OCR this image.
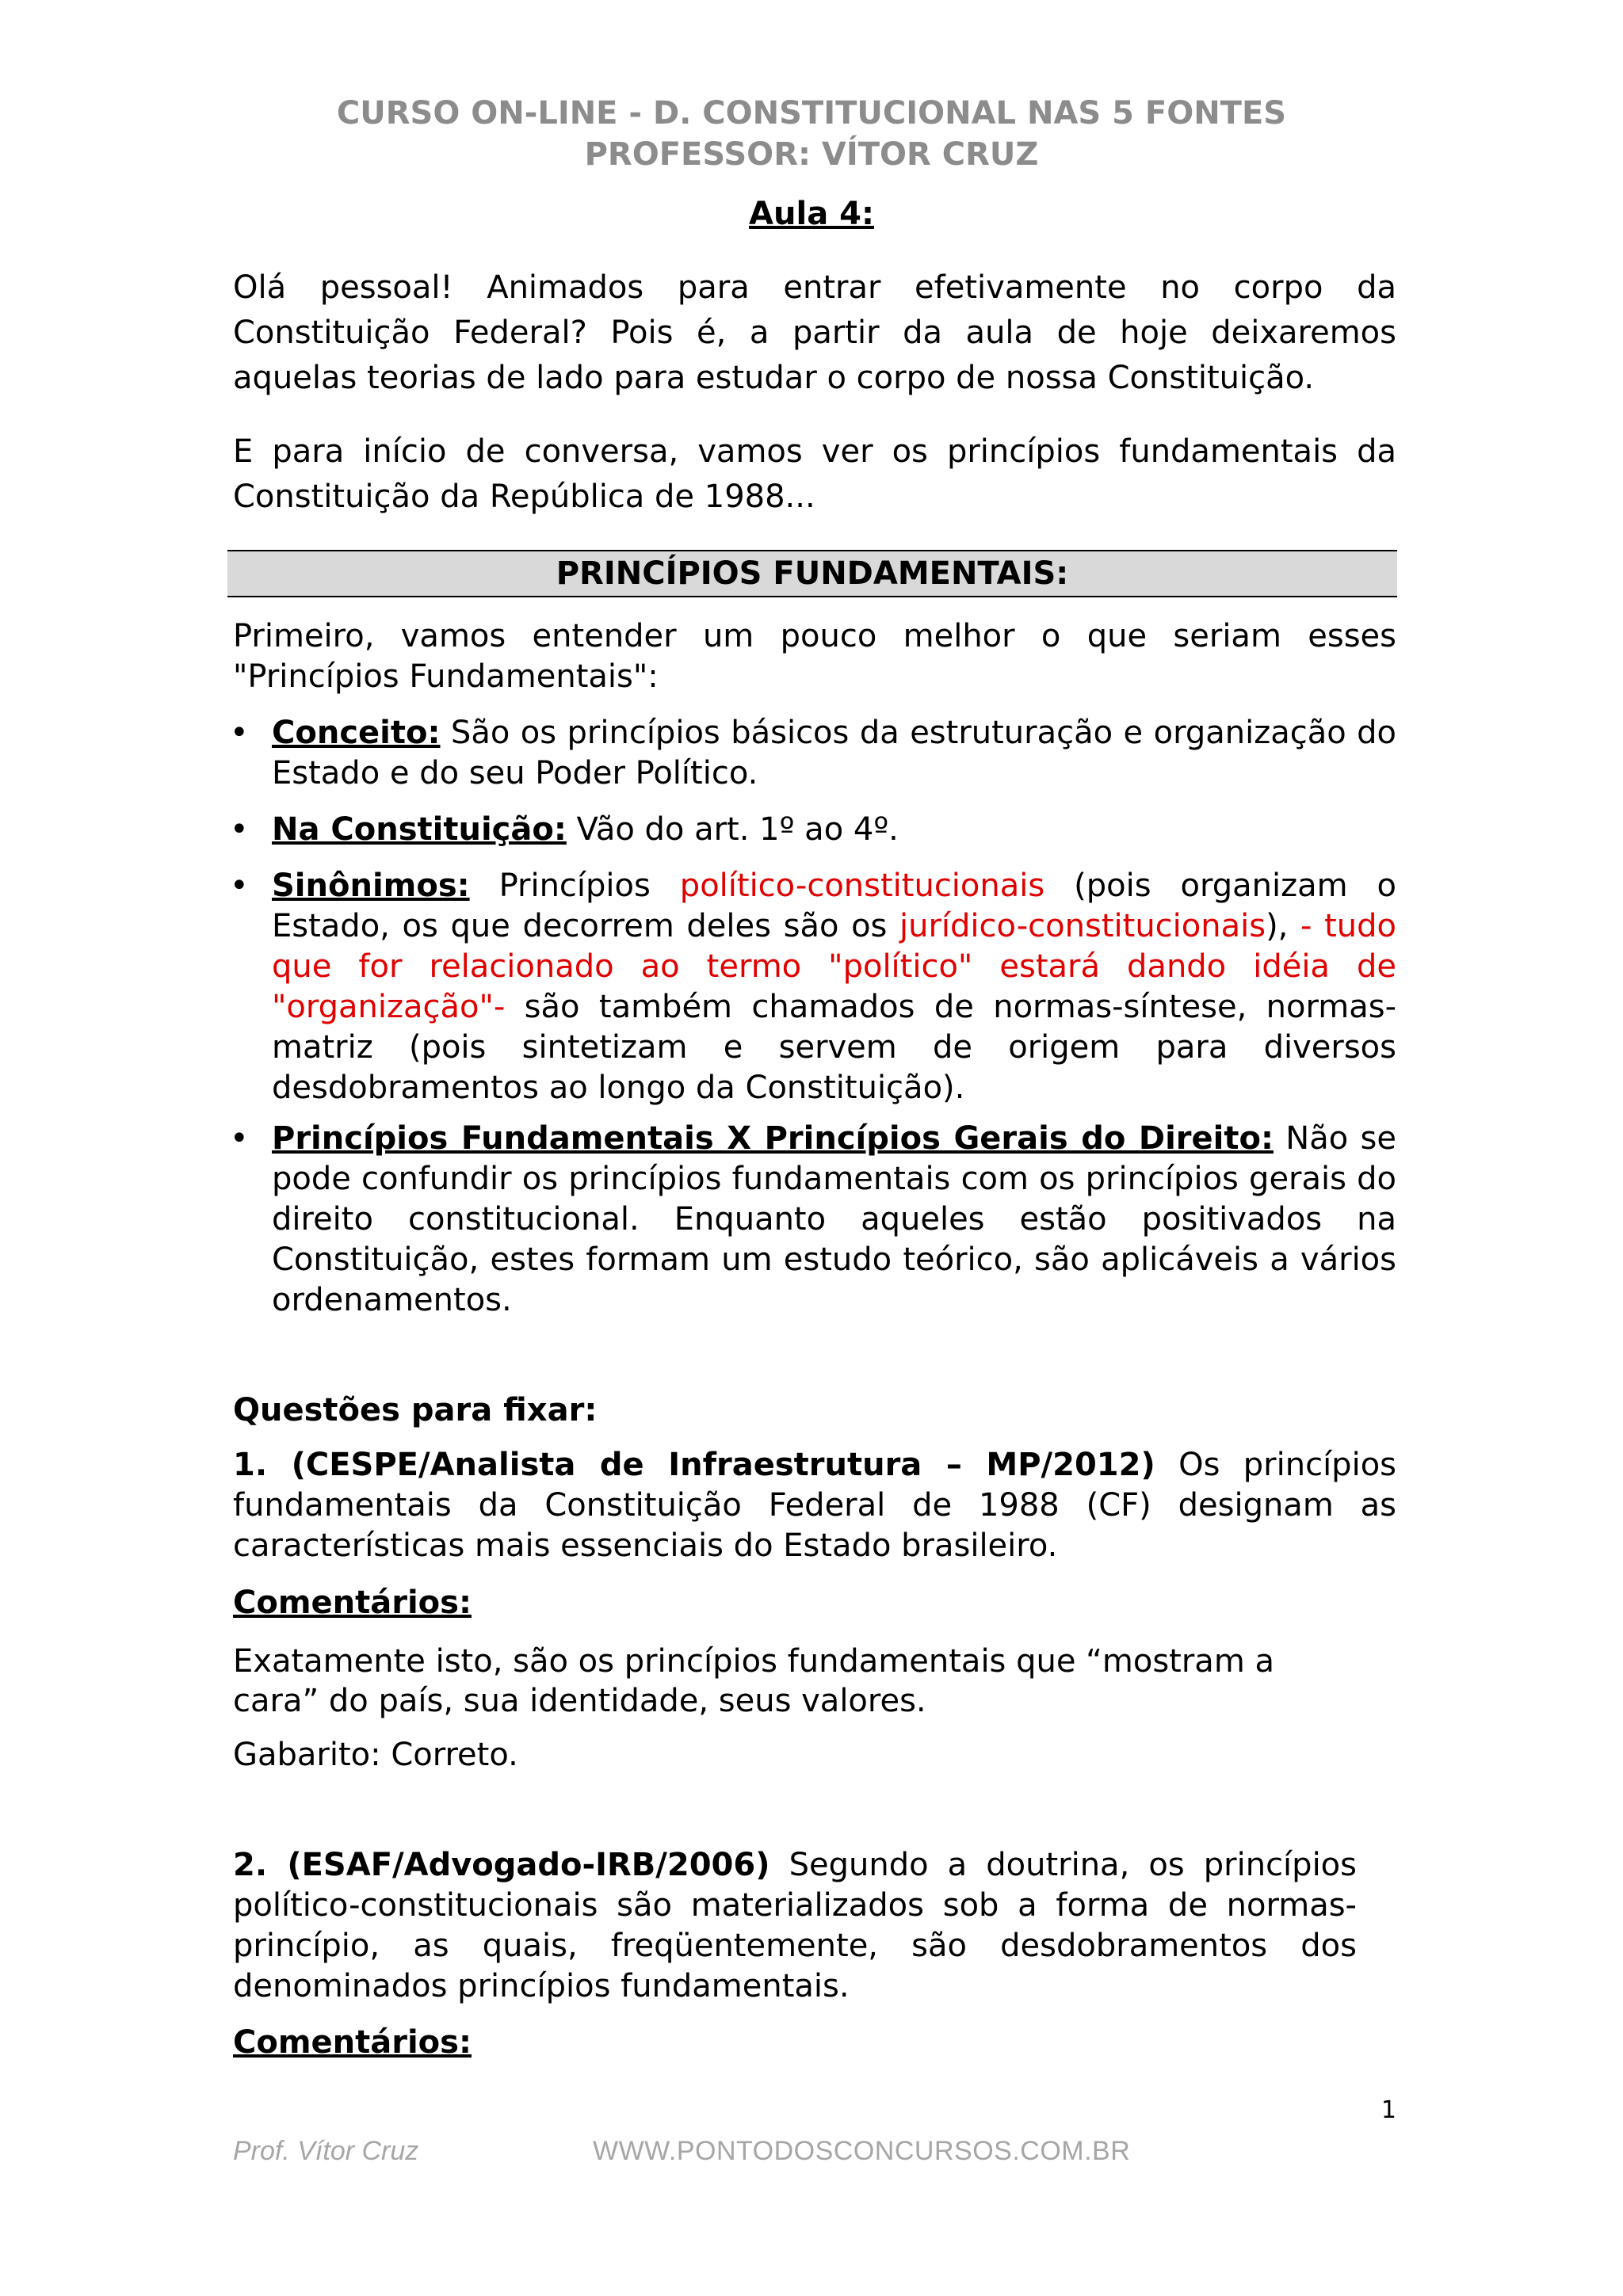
CURSO ON-LINE - D. CONSTITUCIONAL NAS 5 FONTES
PROFESSOR: VÍTOR CRUZ
Aula 4:
Olá pessoal! Animados para entrar efetivamente no corpo da
Constituição Federal? Pois é, a partir da aula de hoje deixaremos
aquelas teorias de lado para estudar o corpo de nossa Constituição.
E para início de conversa, vamos ver os princípios fundamentais da
Constituição da República de 1988...
PRINCÍPIOS FUNDAMENTAIS:

Primeiro, vamos entender um pouco melhor o que seriam esses "Princípios Fundamentais":

• Conceito: São os princípios básicos da estruturação e organização do Estado e do seu Poder Político.

• Na Constituição: Vão do art. 1º ao 4º.

• Sinônimos: Princípios político-constitucionais (pois organizam o Estado, os que decorrem deles são os jurídico-constitucionais), - tudo que for relacionado ao termo "político" estará dando idéia de "organização"- são também chamados de normas-síntese, normas-matriz (pois sintetizam e servem de origem para diversos desdobramentos ao longo da Constituição).

• Princípios Fundamentais X Princípios Gerais do Direito: Não se pode confundir os princípios fundamentais com os princípios gerais do direito constitucional. Enquanto aqueles estão positivados na Constituição, estes formam um estudo teórico, são aplicáveis a vários ordenamentos.

Questões para fixar:

1. (CESPE/Analista de Infraestrutura – MP/2012) Os princípios fundamentais da Constituição Federal de 1988 (CF) designam as características mais essenciais do Estado brasileiro.

Comentários:
Exatamente isto, são os princípios fundamentais que “mostram a
cara” do país, sua identidade, seus valores.
Gabarito: Correto.

2. (ESAF/Advogado-IRB/2006) Segundo a doutrina, os princípios político-constitucionais são materializados sob a forma de normas-princípio, as quais, freqüentemente, são desdobramentos dos denominados princípios fundamentais.

Comentários:
1
Prof. Vítor Cruz	WWW.PONTODOSCONCURSOS.COM.BR
